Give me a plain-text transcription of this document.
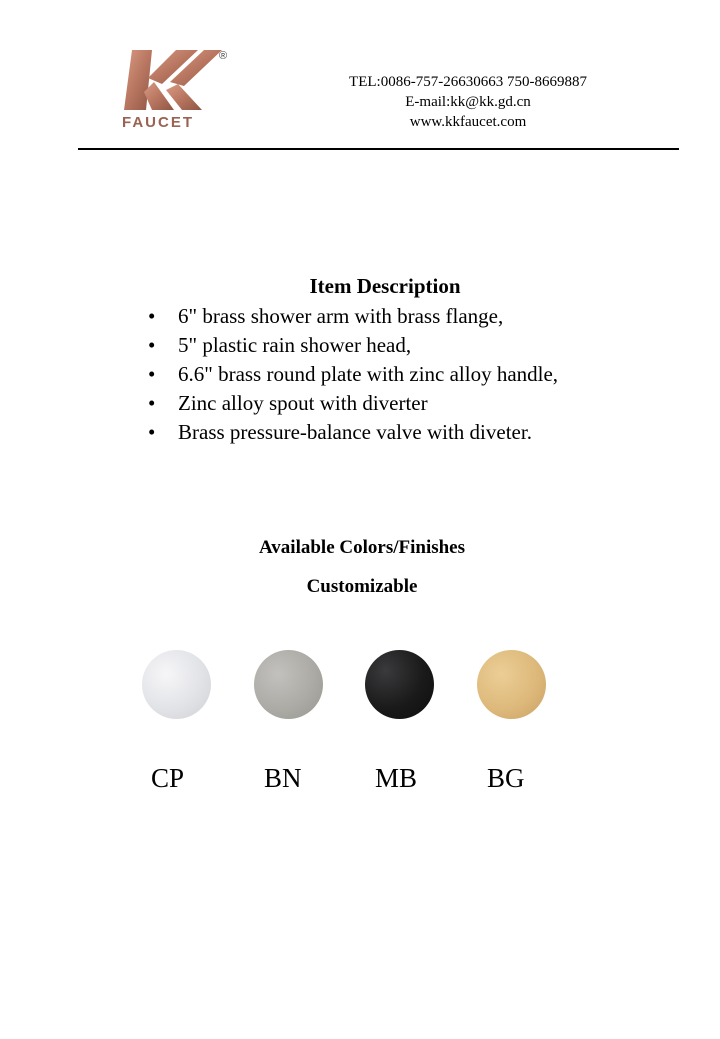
®
FAUCET
TEL:0086-757-26630663 750-8669887
E-mail:kk@kk.gd.cn
www.kkfaucet.com
Item Description
• 6" brass shower arm with brass flange,
• 5" plastic rain shower head,
• 6.6" brass round plate with zinc alloy handle,
• Zinc alloy spout with diverter
• Brass pressure-balance valve with diveter.
Available Colors/Finishes
Customizable
CP	BN	MB	BG
